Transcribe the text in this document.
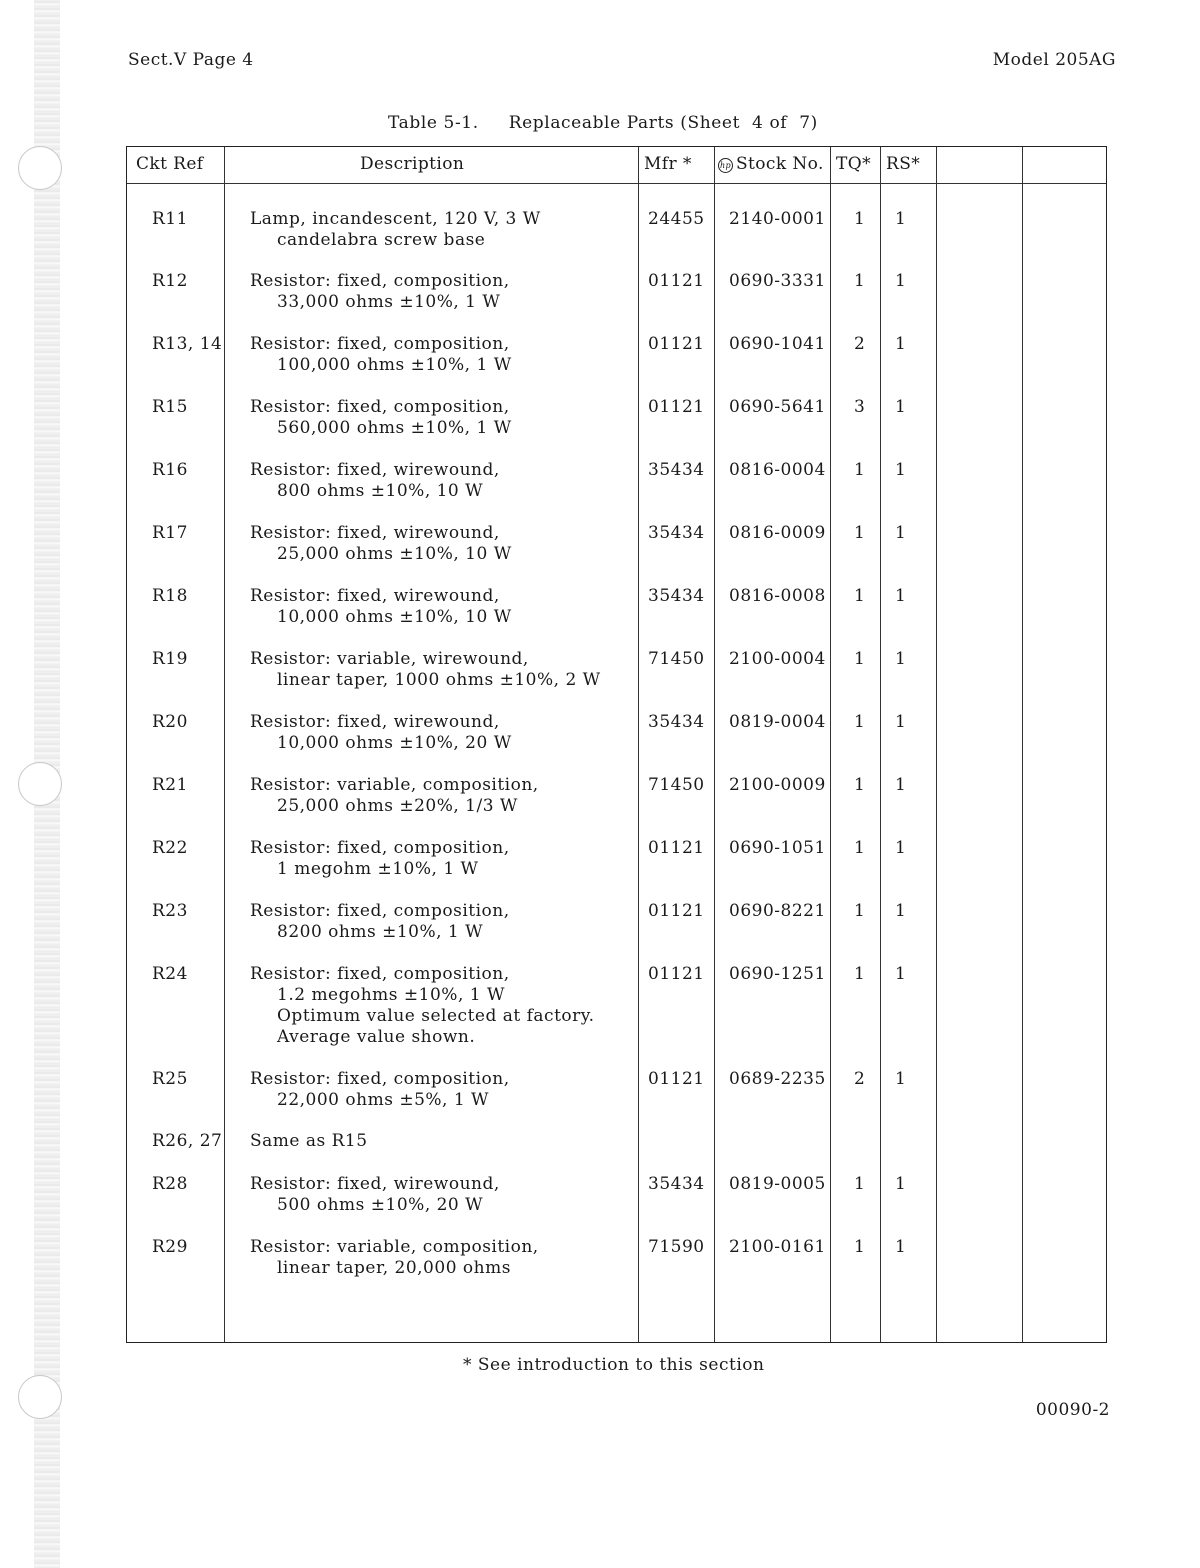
Sect.V Page 4	Model 205AG
Table 5-1.     Replaceable Parts (Sheet  4 of  7)
Ckt Ref	Description	Mfr *	hp Stock No. TQ* RS*
R11	Lamp, incandescent, 120 V, 3 W
candelabra screw base
24455 2140-0001 1 1
R12	Resistor: fixed, composition,
33,000 ohms ±10%, 1 W
01121 0690-3331 1 1
R13, 14 Resistor: fixed, composition,
100,000 ohms ±10%, 1 W
01121 0690-1041 2 1
R15	Resistor: fixed, composition,
560,000 ohms ±10%, 1 W
01121 0690-5641 3 1
R16	Resistor: fixed, wirewound,
800 ohms ±10%, 10 W
35434 0816-0004 1 1
R17	Resistor: fixed, wirewound,
25,000 ohms ±10%, 10 W
35434 0816-0009 1 1
R18	Resistor: fixed, wirewound,
10,000 ohms ±10%, 10 W
35434 0816-0008 1 1
R19	Resistor: variable, wirewound,
linear taper, 1000 ohms ±10%, 2 W
71450 2100-0004 1 1
R20	Resistor: fixed, wirewound,
10,000 ohms ±10%, 20 W
35434 0819-0004 1 1
R21	Resistor: variable, composition,
25,000 ohms ±20%, 1/3 W
71450 2100-0009 1 1
R22	Resistor: fixed, composition,
1 megohm ±10%, 1 W
01121 0690-1051 1 1
R23	Resistor: fixed, composition,
8200 ohms ±10%, 1 W
01121 0690-8221 1 1
R24	Resistor: fixed, composition,
1.2 megohms ±10%, 1 W
Optimum value selected at factory.
Average value shown.
01121 0690-1251 1 1
R25	Resistor: fixed, composition,
22,000 ohms ±5%, 1 W
01121 0689-2235 2 1
R26, 27 Same as R15
R28	Resistor: fixed, wirewound,
500 ohms ±10%, 20 W
35434 0819-0005 1 1
R29	Resistor: variable, composition,
linear taper, 20,000 ohms
71590 2100-0161 1 1
* See introduction to this section
00090-2
